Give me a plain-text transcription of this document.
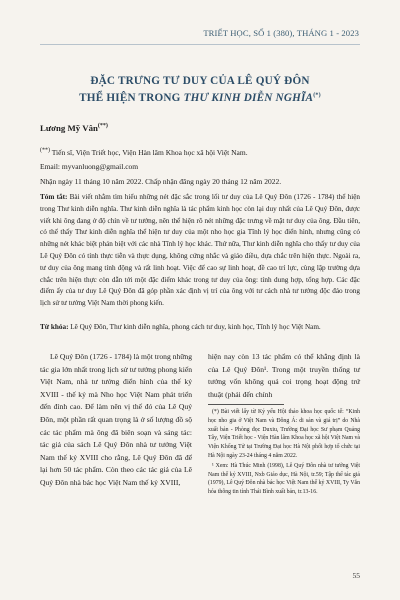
TRIẾT HỌC, SỐ 1 (380), THÁNG 1 - 2023
ĐẶC TRƯNG TƯ DUY CỦA LÊ QUÝ ĐÔN
THỂ HIỆN TRONG THƯ KINH DIỄN NGHĨA(*)
Lương Mỹ Vân(**)
(**) Tiến sĩ, Viện Triết học, Viện Hàn lâm Khoa học xã hội Việt Nam.
Email: myvanluong@gmail.com
Nhận ngày 11 tháng 10 năm 2022. Chấp nhận đăng ngày 20 tháng 12 năm 2022.
Tóm tắt: Bài viết nhằm tìm hiểu những nét đặc sắc trong lối tư duy của Lê Quý Đôn (1726 - 1784) thể hiện trong Thư kinh diễn nghĩa. Thư kinh diễn nghĩa là tác phẩm kinh học còn lại duy nhất của Lê Quý Đôn, được viết khi ông đang ở độ chín về tư tưởng, nên thể hiện rõ nét những đặc trưng về mặt tư duy của ông. Đầu tiên, có thể thấy Thư kinh diễn nghĩa thể hiện tư duy của một nho học gia Tĩnh lý học điển hình, nhưng cũng có những nét khác biệt phản biệt với các nhà Tĩnh lý học khác. Thứ nữa, Thư kinh diễn nghĩa cho thấy tư duy của Lê Quý Đôn có tính thực tiễn và thực dụng, không cứng nhắc và giáo điều, dựa chắc trên hiện thực. Ngoài ra, tư duy của ông mang tính động và rất linh hoạt. Việc để cao sự linh hoạt, đề cao trí lực, cùng lập trường dựa chắc trên hiện thực còn dẫn tới một đặc điểm khác trong tư duy của ông: tính dung hợp, tổng hợp. Các đặc điểm ấy của tư duy Lê Quý Đôn đã góp phần xác định vị trí của ông với tư cách nhà tư tưởng độc đáo trong lịch sử tư tưởng Việt Nam thời phong kiến.
Từ khóa: Lê Quý Đôn, Thư kinh diễn nghĩa, phong cách tư duy, kinh học, Tĩnh lý học Việt Nam.
Lê Quý Đôn (1726 - 1784) là một trong những tác gia lớn nhất trong lịch sử tư tưởng phong kiến Việt Nam, nhà tư tưởng điển hình của thế kỷ XVIII - thế kỷ mà Nho học Việt Nam phát triển đến đỉnh cao. Để làm nên vị thế đó của Lê Quý Đôn, một phần rất quan trọng là ở số lượng đồ sộ các tác phẩm mà ông đã biên soạn và sáng tác: tác giả của sách Lê Quý Đôn nhà tư tưởng Việt Nam thế kỷ XVIII cho rằng, Lê Quý Đôn đã để lại hơn 50 tác phẩm. Còn theo các tác giả của Lê Quý Đôn nhà bác học Việt Nam thế kỷ XVIII,
hiện nay còn 13 tác phẩm có thể khẳng định là của Lê Quý Đôn¹. Trong một truyền thống tư tưởng vốn không quá coi trọng hoạt động trứ thuật (phải đến chính

(*) Bài viết lấy từ Kỷ yếu Hội thảo khoa học quốc tế: “Kinh học nho gia ở Việt Nam và Đông Á: di sản và giá trị” do Nhà xuất bản - Phòng đọc Duxiu, Trường Đại học Sư phạm Quảng Tây, Viện Triết học - Viện Hàn lâm Khoa học xã hội Việt Nam và Viện Khổng Tử tại Trường Đại học Hà Nội phối hợp tổ chức tại Hà Nội ngày 23-24 tháng 4 năm 2022.

¹ Xem: Hà Thúc Minh (1998), Lê Quý Đôn nhà tư tưởng Việt Nam thế kỷ XVIII, Nxb Giáo dục, Hà Nội, tr.59; Tập thể tác giả (1979), Lê Quý Đôn nhà bác học Việt Nam thế kỷ XVIII, Ty Văn hóa thông tin tỉnh Thái Bình xuất bản, tr.13-16.

55
